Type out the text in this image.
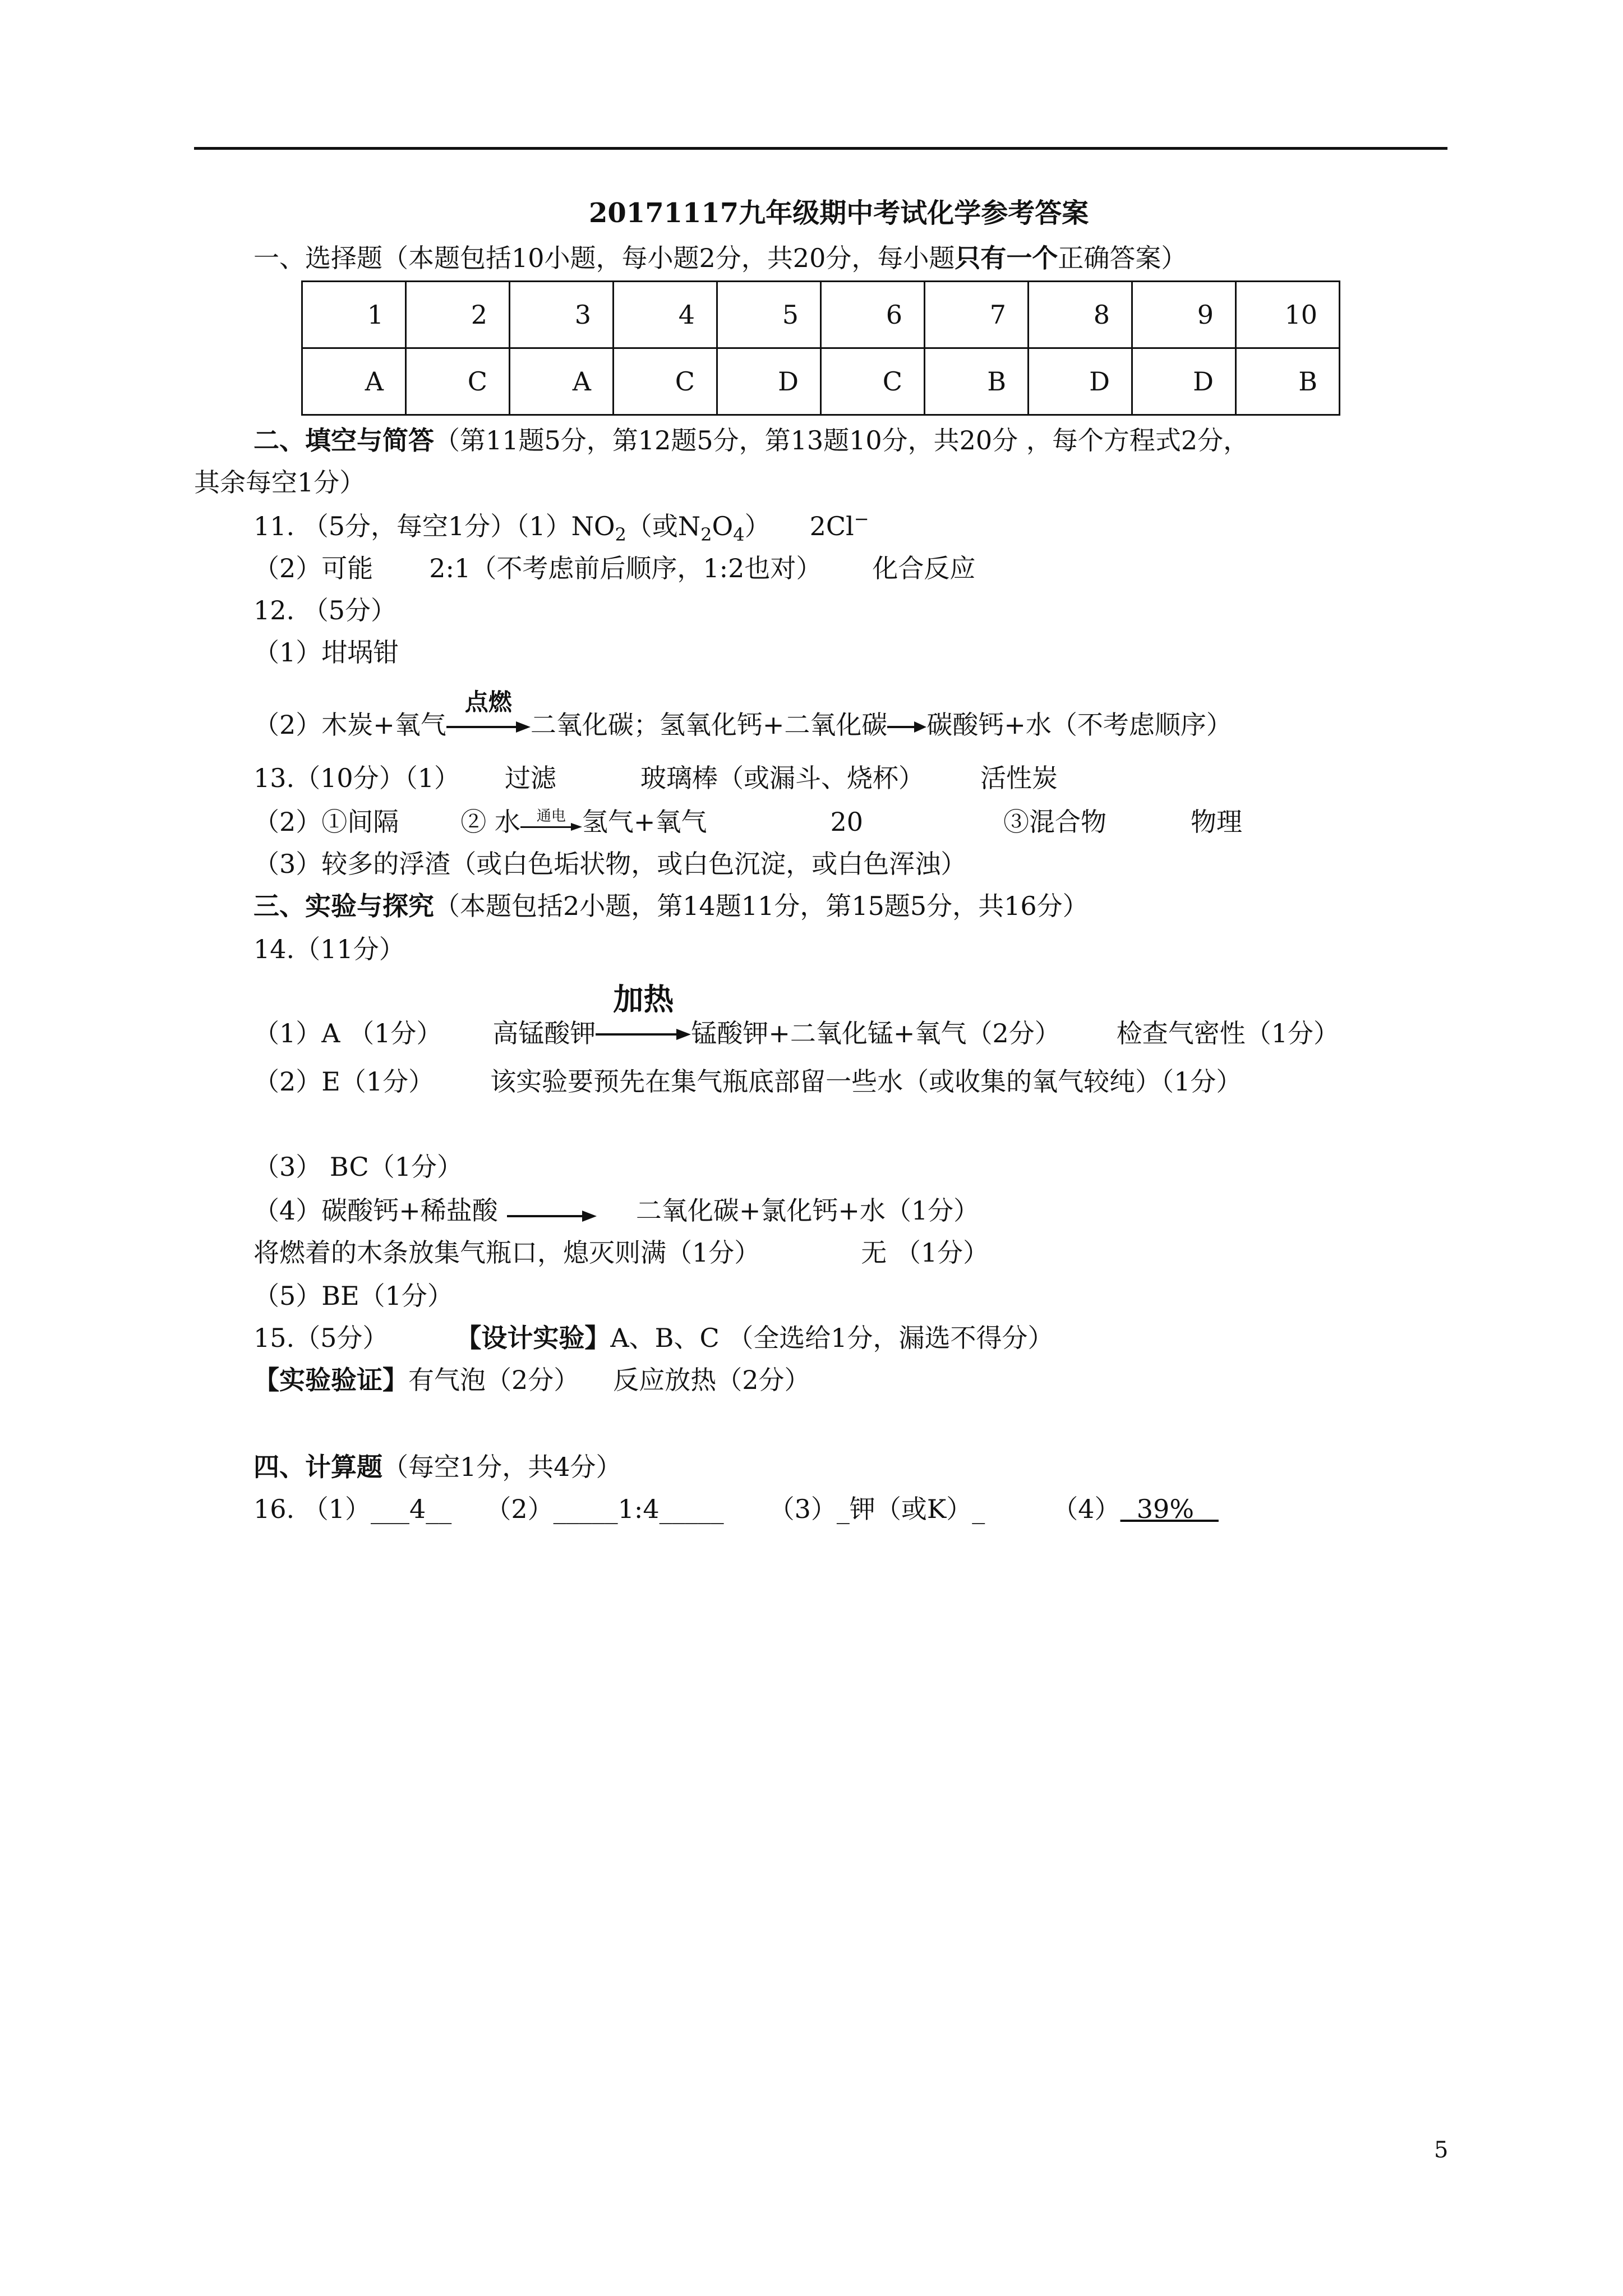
20171117九年级期中考试化学参考答案
一、选择题（本题包括10小题，每小题2分，共20分，每小题只有一个正确答案）
1	2	3	4	5	6	7	8	9	10
A	C	A	C	D	C	B	D	D	B
二、填空与简答（第11题5分，第12题5分，第13题10分，共20分 ，每个方程式2分，
其余每空1分）
11. （5分，每空1分）$(1)NO_2$（或$N_2O_4$） 2Cl−
（2）可能 2:1（不考虑前后顺序，1:2也对） 化合反应
12. （5分）
（1）坩埚钳
（2）木炭+氧气
点燃
二氧化碳；氢氧化钙+二氧化碳 碳酸钙+水（不考虑顺序）
13.（10分）（1） 过滤	玻璃棒（或漏斗、烧杯） 活性炭
（2）①间隔 ② 水	通电 氢气+氧气	20	③混合物	物理
（3）较多的浮渣（或白色垢状物，或白色沉淀，或白色浑浊）
三、实验与探究（本题包括2小题，第14题11分，第15题5分，共16分）
14.（11分）
（1）A （1分） 高锰酸钾
加热
锰酸钾+二氧化锰+氧气（2分） 检查气密性（1分）
（2）E（1分） 该实验要预先在集气瓶底部留一些水（或收集的氧气较纯）（1分）
（3） BC（1分）
（4）碳酸钙+稀盐酸	二氧化碳+氯化钙+水（1分）
将燃着的木条放集气瓶口，熄灭则满（1分）	无 （1分）
（5）BE（1分）
15.（5分）	【设计实验】A、B、C （全选给1分，漏选不得分）
【实验验证】有气泡（2分） 反应放热（2分）
四、计算题（每空1分，共4分）
16. （1）___4__ （2）_____1:4_____ （3）_钾（或K）_	（4）  39%
5
